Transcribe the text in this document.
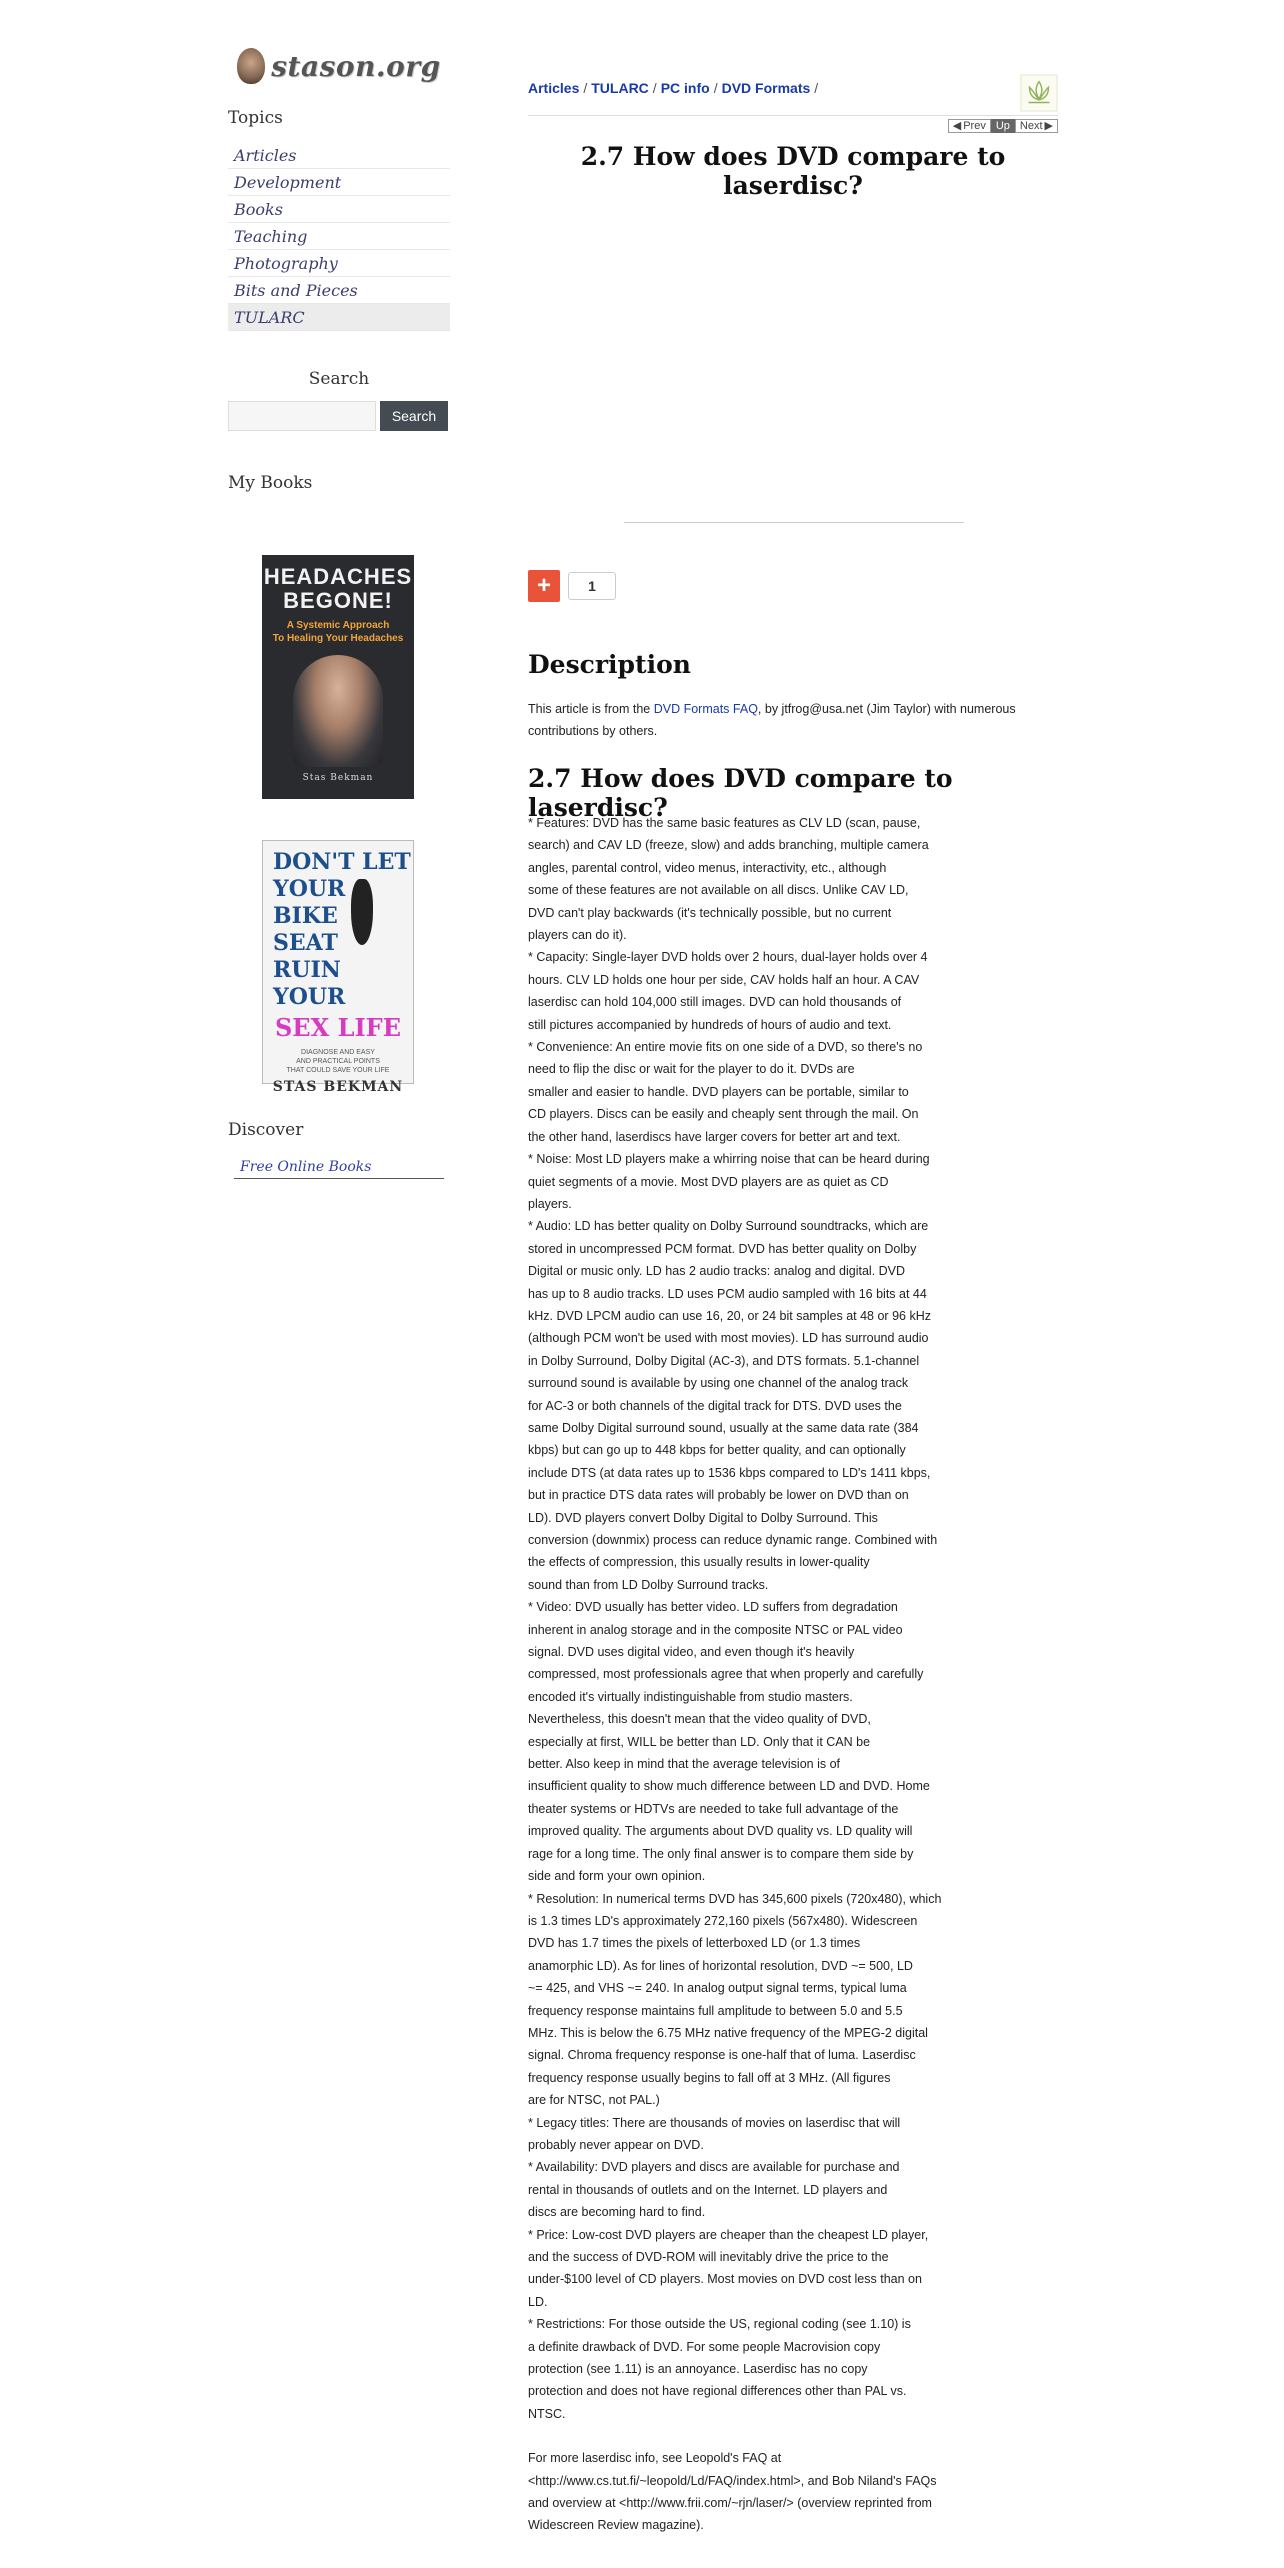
stason.org
Topics
Articles
Development
Books
Teaching
Photography
Bits and Pieces
TULARC
Search
Search
My Books
HEADACHES
BEGONE!
A Systemic Approach
To Healing Your Headaches
Stas Bekman
DON'T LET
YOUR
BIKE
SEAT
RUIN YOUR
SEX LIFE
DIAGNOSE AND EASY
AND PRACTICAL POINTS
THAT COULD SAVE YOUR LIFE
STAS BEKMAN
Discover
Free Online Books
Articles / TULARC / PC info / DVD Formats /
◀ Prev Up Next ▶
2.7 How does DVD compare to laserdisc?
+	1
Description

This article is from the DVD Formats FAQ, by jtfrog@usa.net (Jim Taylor) with numerous contributions by others.

2.7 How does DVD compare to laserdisc?

* Features: DVD has the same basic features as CLV LD (scan, pause,

search) and CAV LD (freeze, slow) and adds branching, multiple camera

angles, parental control, video menus, interactivity, etc., although

some of these features are not available on all discs. Unlike CAV LD,

DVD can't play backwards (it's technically possible, but no current

players can do it).

* Capacity: Single-layer DVD holds over 2 hours, dual-layer holds over 4

hours. CLV LD holds one hour per side, CAV holds half an hour. A CAV

laserdisc can hold 104,000 still images. DVD can hold thousands of

still pictures accompanied by hundreds of hours of audio and text.

* Convenience: An entire movie fits on one side of a DVD, so there's no

need to flip the disc or wait for the player to do it. DVDs are

smaller and easier to handle. DVD players can be portable, similar to

CD players. Discs can be easily and cheaply sent through the mail. On

the other hand, laserdiscs have larger covers for better art and text.

* Noise: Most LD players make a whirring noise that can be heard during

quiet segments of a movie. Most DVD players are as quiet as CD

players.

* Audio: LD has better quality on Dolby Surround soundtracks, which are

stored in uncompressed PCM format. DVD has better quality on Dolby

Digital or music only. LD has 2 audio tracks: analog and digital. DVD

has up to 8 audio tracks. LD uses PCM audio sampled with 16 bits at 44

kHz. DVD LPCM audio can use 16, 20, or 24 bit samples at 48 or 96 kHz

(although PCM won't be used with most movies). LD has surround audio

in Dolby Surround, Dolby Digital (AC-3), and DTS formats. 5.1-channel

surround sound is available by using one channel of the analog track

for AC-3 or both channels of the digital track for DTS. DVD uses the

same Dolby Digital surround sound, usually at the same data rate (384

kbps) but can go up to 448 kbps for better quality, and can optionally

include DTS (at data rates up to 1536 kbps compared to LD's 1411 kbps,

but in practice DTS data rates will probably be lower on DVD than on

LD). DVD players convert Dolby Digital to Dolby Surround. This

conversion (downmix) process can reduce dynamic range. Combined with

the effects of compression, this usually results in lower-quality

sound than from LD Dolby Surround tracks.

* Video: DVD usually has better video. LD suffers from degradation

inherent in analog storage and in the composite NTSC or PAL video

signal. DVD uses digital video, and even though it's heavily

compressed, most professionals agree that when properly and carefully

encoded it's virtually indistinguishable from studio masters.

Nevertheless, this doesn't mean that the video quality of DVD,

especially at first, WILL be better than LD. Only that it CAN be

better. Also keep in mind that the average television is of

insufficient quality to show much difference between LD and DVD. Home

theater systems or HDTVs are needed to take full advantage of the

improved quality. The arguments about DVD quality vs. LD quality will

rage for a long time. The only final answer is to compare them side by

side and form your own opinion.

* Resolution: In numerical terms DVD has 345,600 pixels (720x480), which

is 1.3 times LD's approximately 272,160 pixels (567x480). Widescreen

DVD has 1.7 times the pixels of letterboxed LD (or 1.3 times

anamorphic LD). As for lines of horizontal resolution, DVD ~= 500, LD

~= 425, and VHS ~= 240. In analog output signal terms, typical luma

frequency response maintains full amplitude to between 5.0 and 5.5

MHz. This is below the 6.75 MHz native frequency of the MPEG-2 digital

signal. Chroma frequency response is one-half that of luma. Laserdisc

frequency response usually begins to fall off at 3 MHz. (All figures

are for NTSC, not PAL.)

* Legacy titles: There are thousands of movies on laserdisc that will

probably never appear on DVD.

* Availability: DVD players and discs are available for purchase and

rental in thousands of outlets and on the Internet. LD players and

discs are becoming hard to find.

* Price: Low-cost DVD players are cheaper than the cheapest LD player,

and the success of DVD-ROM will inevitably drive the price to the

under-$100 level of CD players. Most movies on DVD cost less than on

LD.

* Restrictions: For those outside the US, regional coding (see 1.10) is

a definite drawback of DVD. For some people Macrovision copy

protection (see 1.11) is an annoyance. Laserdisc has no copy

protection and does not have regional differences other than PAL vs.

NTSC.

For more laserdisc info, see Leopold's FAQ at

<http://www.cs.tut.fi/~leopold/Ld/FAQ/index.html>, and Bob Niland's FAQs

and overview at <http://www.frii.com/~rjn/laser/> (overview reprinted from

Widescreen Review magazine).
